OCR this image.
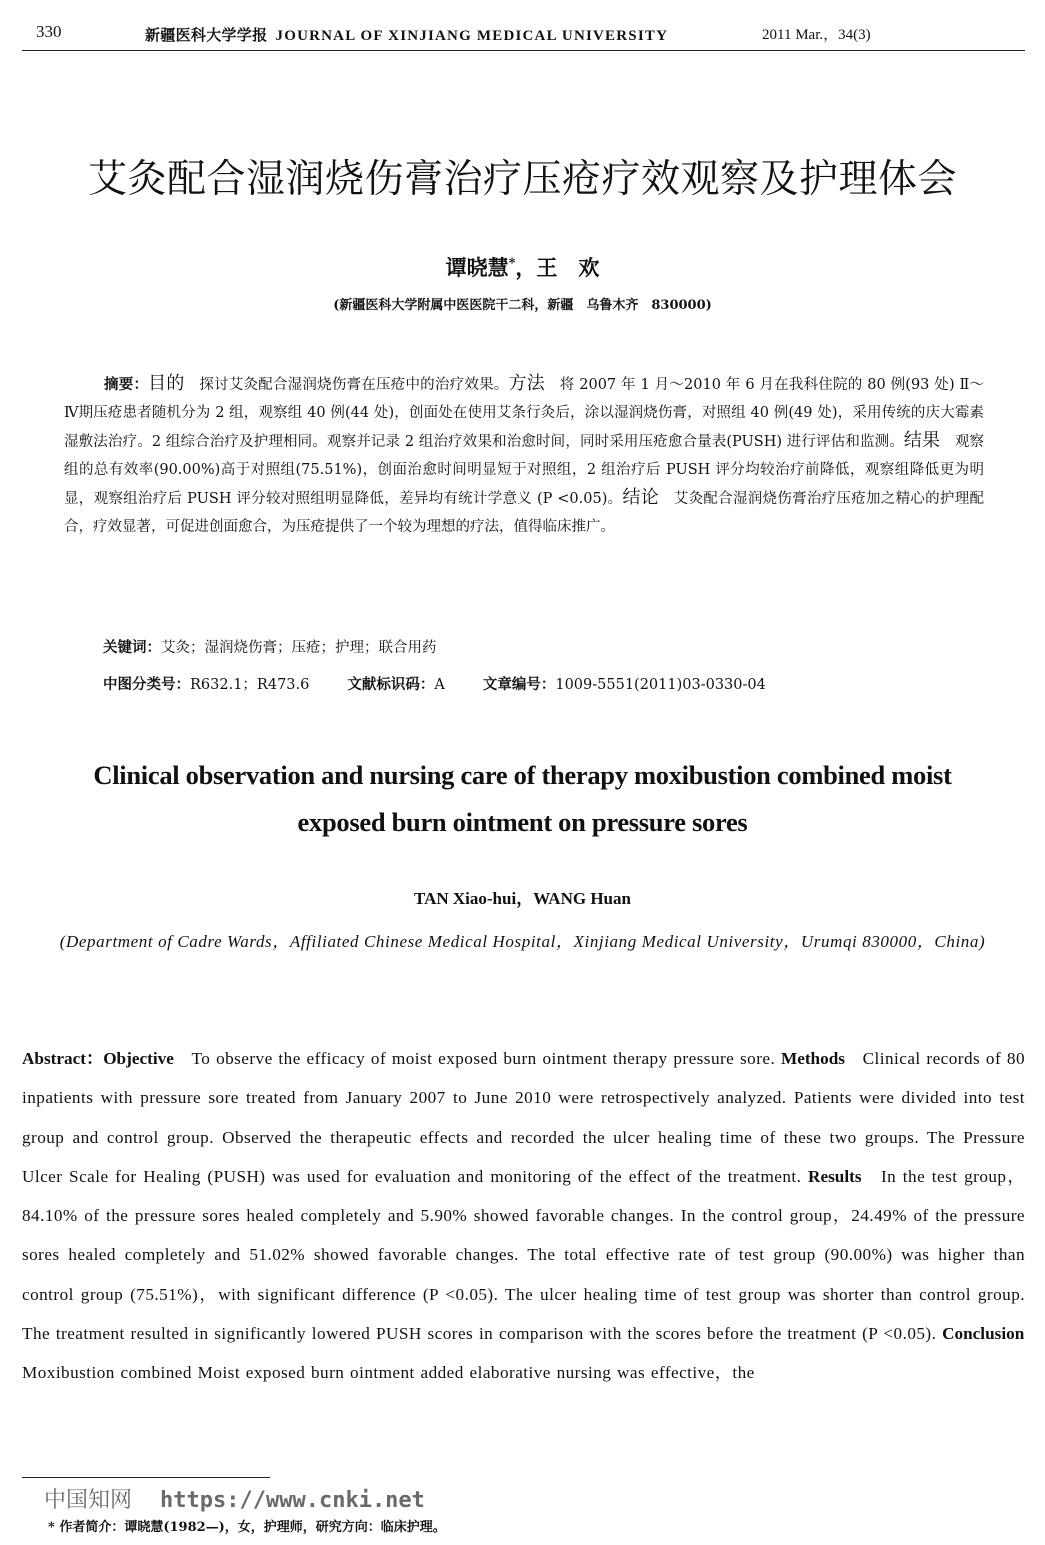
330	新疆医科大学学报 JOURNAL OF XINJIANG MEDICAL UNIVERSITY	2011 Mar.，34(3)
艾灸配合湿润烧伤膏治疗压疮疗效观察及护理体会
谭晓慧*，王　欢
(新疆医科大学附属中医医院干二科，新疆　乌鲁木齐　830000)
摘要：目的　探讨艾灸配合湿润烧伤膏在压疮中的治疗效果。方法　将 2007 年 1 月～2010 年 6 月在我科住院的 80 例(93 处) Ⅱ～Ⅳ期压疮患者随机分为 2 组，观察组 40 例(44 处)，创面处在使用艾条行灸后，涂以湿润烧伤膏，对照组 40 例(49 处)，采用传统的庆大霉素湿敷法治疗。2 组综合治疗及护理相同。观察并记录 2 组治疗效果和治愈时间，同时采用压疮愈合量表(PUSH) 进行评估和监测。结果　观察组的总有效率(90.00%)高于对照组(75.51%)，创面治愈时间明显短于对照组，2 组治疗后 PUSH 评分均较治疗前降低，观察组降低更为明显，观察组治疗后 PUSH 评分较对照组明显降低，差异均有统计学意义 (P <0.05)。结论　艾灸配合湿润烧伤膏治疗压疮加之精心的护理配合，疗效显著，可促进创面愈合，为压疮提供了一个较为理想的疗法，值得临床推广。
关键词：艾灸；湿润烧伤膏；压疮；护理；联合用药
中图分类号：R632.1；R473.6	文献标识码：A	文章编号：1009-5551(2011)03-0330-04
Clinical observation and nursing care of therapy moxibustion combined moist exposed burn ointment on pressure sores
TAN Xiao-hui，WANG Huan
(Department of Cadre Wards，Affiliated Chinese Medical Hospital，Xinjiang Medical University，Urumqi 830000，China)
Abstract：Objective　To observe the efficacy of moist exposed burn ointment therapy pressure sore. Methods　Clinical records of 80 inpatients with pressure sore treated from January 2007 to June 2010 were retrospectively analyzed. Patients were divided into test group and control group. Observed the therapeutic effects and recorded the ulcer healing time of these two groups. The Pressure Ulcer Scale for Healing (PUSH) was used for evaluation and monitoring of the effect of the treatment. Results　In the test group，84.10% of the pressure sores healed completely and 5.90% showed favorable changes. In the control group，24.49% of the pressure sores healed completely and 51.02% showed favorable changes. The total effective rate of test group (90.00%) was higher than control group (75.51%)，with significant difference (P <0.05). The ulcer healing time of test group was shorter than control group. The treatment resulted in significantly lowered PUSH scores in comparison with the scores before the treatment (P <0.05). Conclusion　Moxibustion combined Moist exposed burn ointment added elaborative nursing was effective，the
中国知网 https://www.cnki.net
* 作者简介：谭晓慧(1982—)，女，护理师，研究方向：临床护理。
